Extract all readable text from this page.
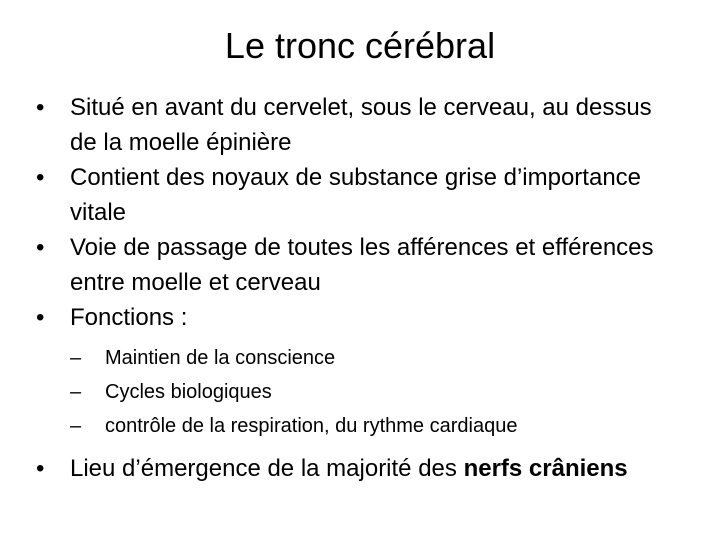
Le tronc cérébral
•	Situé en avant du cervelet, sous le cerveau, au dessus de la moelle épinière
•	Contient des noyaux de substance grise d’importance vitale
•	Voie de passage de toutes les afférences et efférences entre moelle et cerveau
•	Fonctions :
–	Maintien de la conscience
–	Cycles biologiques
–	contrôle de la respiration, du rythme cardiaque
•	Lieu d’émergence de la majorité des nerfs crâniens
